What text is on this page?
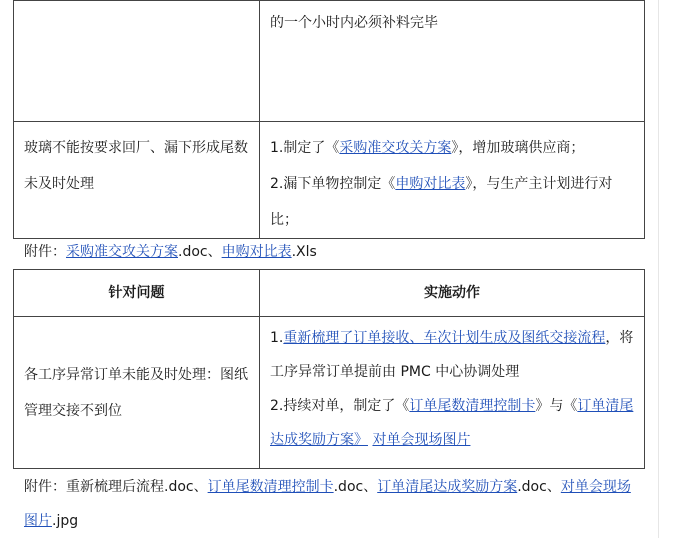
	的一个小时内必须补料完毕
玻璃不能按要求回厂、漏下形成尾数未及时处理	1.制定了《采购准交攻关方案》，增加玻璃供应商；
2.漏下单物控制定《申购对比表》，与生产主计划进行对比；
附件：采购准交攻关方案.doc、申购对比表.Xls
针对问题	实施动作
各工序异常订单未能及时处理：图纸管理交接不到位	1.重新梳理了订单接收、车次计划生成及图纸交接流程，将工序异常订单提前由 PMC 中心协调处理
2.持续对单，制定了《订单尾数清理控制卡》与《订单清尾达成奖励方案》 对单会现场图片
附件：重新梳理后流程.doc、订单尾数清理控制卡.doc、订单清尾达成奖励方案.doc、对单会现场图片.jpg
